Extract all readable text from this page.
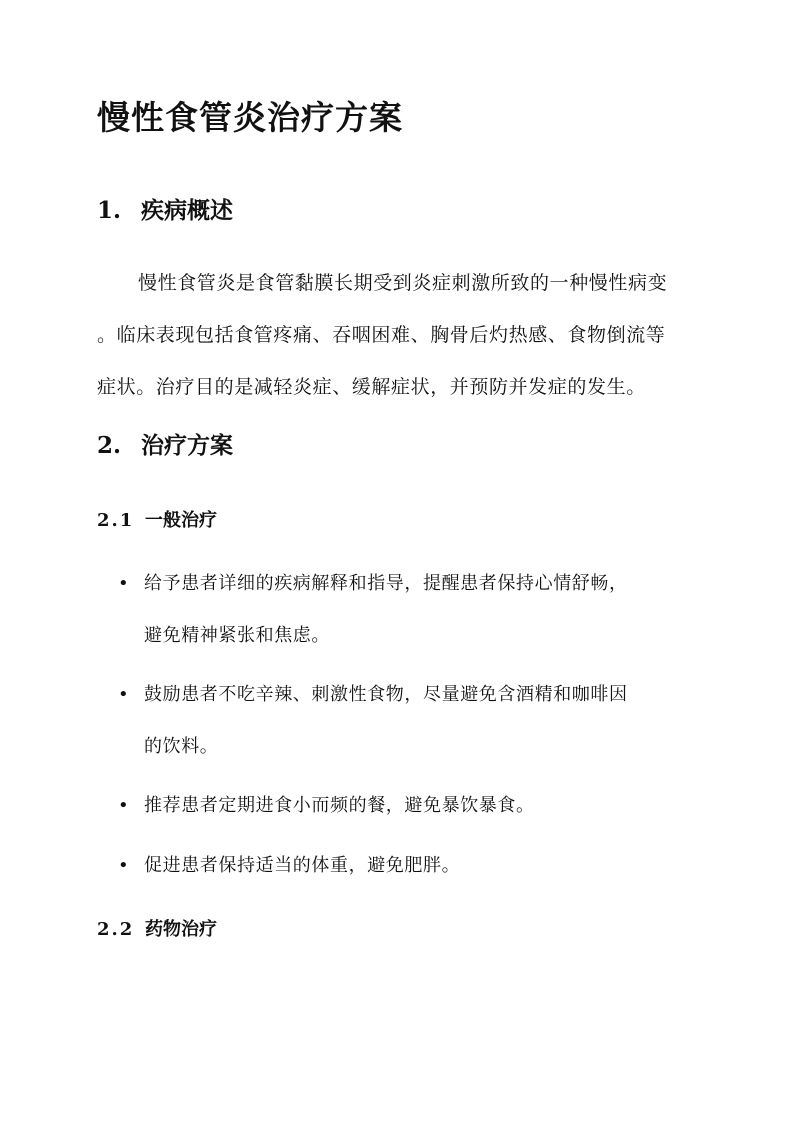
慢性食管炎治疗方案
1. 疾病概述
慢性食管炎是食管黏膜长期受到炎症刺激所致的一种慢性病变
。临床表现包括食管疼痛、吞咽困难、胸骨后灼热感、食物倒流等
症状。治疗目的是减轻炎症、缓解症状，并预防并发症的发生。
2. 治疗方案
2.1 一般治疗
• 给予患者详细的疾病解释和指导，提醒患者保持心情舒畅，
避免精神紧张和焦虑。
• 鼓励患者不吃辛辣、刺激性食物，尽量避免含酒精和咖啡因
的饮料。
• 推荐患者定期进食小而频的餐，避免暴饮暴食。
• 促进患者保持适当的体重，避免肥胖。
2.2 药物治疗
